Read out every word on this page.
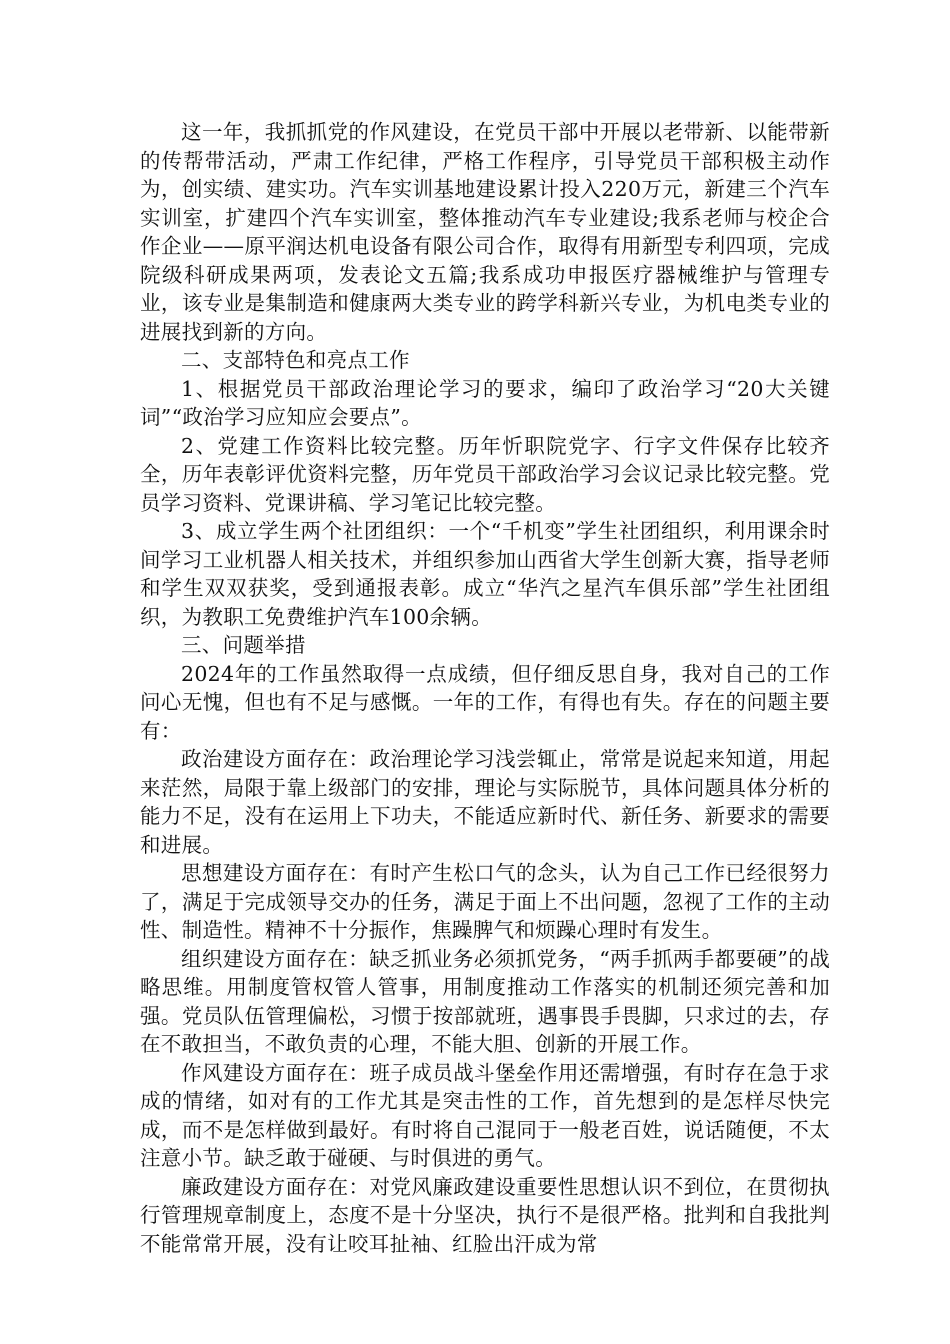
这一年，我抓抓党的作风建设，在党员干部中开展以老带新、以能带新的传帮带活动，严肃工作纪律，严格工作程序，引导党员干部积极主动作为，创实绩、建实功。汽车实训基地建设累计投入220万元，新建三个汽车实训室，扩建四个汽车实训室，整体推动汽车专业建设;我系老师与校企合作企业——原平润达机电设备有限公司合作，取得有用新型专利四项，完成院级科研成果两项，发表论文五篇;我系成功申报医疗器械维护与管理专业，该专业是集制造和健康两大类专业的跨学科新兴专业，为机电类专业的进展找到新的方向。

二、支部特色和亮点工作

1、根据党员干部政治理论学习的要求，编印了政治学习“20大关键词”“政治学习应知应会要点”。

2、党建工作资料比较完整。历年忻职院党字、行字文件保存比较齐全，历年表彰评优资料完整，历年党员干部政治学习会议记录比较完整。党员学习资料、党课讲稿、学习笔记比较完整。

3、成立学生两个社团组织：一个“千机变”学生社团组织，利用课余时间学习工业机器人相关技术，并组织参加山西省大学生创新大赛，指导老师和学生双双获奖，受到通报表彰。成立“华汽之星汽车俱乐部”学生社团组织，为教职工免费维护汽车100余辆。

三、问题举措

2024年的工作虽然取得一点成绩，但仔细反思自身，我对自己的工作问心无愧，但也有不足与感慨。一年的工作，有得也有失。存在的问题主要有：

政治建设方面存在：政治理论学习浅尝辄止，常常是说起来知道，用起来茫然，局限于靠上级部门的安排，理论与实际脱节，具体问题具体分析的能力不足，没有在运用上下功夫，不能适应新时代、新任务、新要求的需要和进展。

思想建设方面存在：有时产生松口气的念头，认为自己工作已经很努力了，满足于完成领导交办的任务，满足于面上不出问题，忽视了工作的主动性、制造性。精神不十分振作，焦躁脾气和烦躁心理时有发生。

组织建设方面存在：缺乏抓业务必须抓党务，“两手抓两手都要硬”的战略思维。用制度管权管人管事，用制度推动工作落实的机制还须完善和加强。党员队伍管理偏松，习惯于按部就班，遇事畏手畏脚，只求过的去，存在不敢担当，不敢负责的心理，不能大胆、创新的开展工作。

作风建设方面存在：班子成员战斗堡垒作用还需增强，有时存在急于求成的情绪，如对有的工作尤其是突击性的工作，首先想到的是怎样尽快完成，而不是怎样做到最好。有时将自己混同于一般老百姓，说话随便，不太注意小节。缺乏敢于碰硬、与时俱进的勇气。

廉政建设方面存在：对党风廉政建设重要性思想认识不到位，在贯彻执行管理规章制度上，态度不是十分坚决，执行不是很严格。批判和自我批判不能常常开展，没有让咬耳扯袖、红脸出汗成为常
